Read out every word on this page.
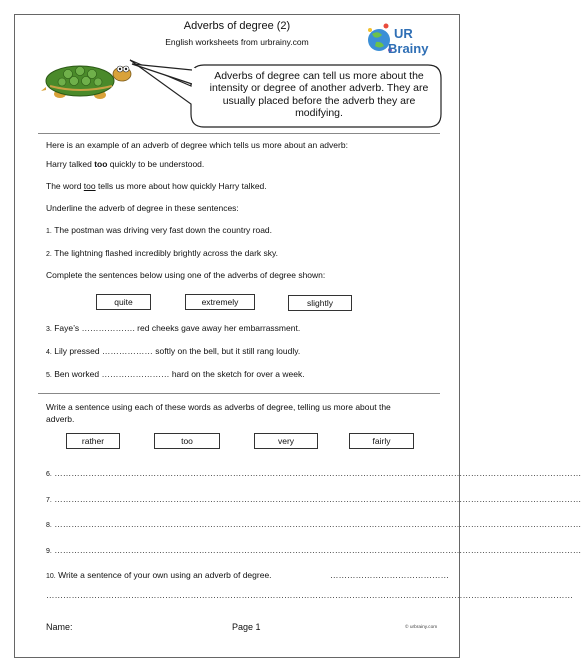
Adverbs of degree (2)
English worksheets from urbrainy.com
UR
Brainy
Adverbs of degree can tell us more about the intensity or degree of another adverb. They are usually placed before the adverb they are modifying.
Here is an example of an adverb of degree which tells us more about an adverb:
Harry talked too quickly to be understood.
The word too tells us more about how quickly Harry talked.
Underline the adverb of degree in these sentences:
1. The postman was driving very fast down the country road.
2. The lightning flashed incredibly brightly across the dark sky.
Complete the sentences below using one of the adverbs of degree shown:
quite	extremely	slightly
3. Faye’s ………………. red cheeks gave away her embarrassment.
4. Lily pressed ……………… softly on the bell, but it still rang loudly.
5. Ben worked …………………… hard on the sketch for over a week.
Write a sentence using each of these words as adverbs of degree, telling us more about the
adverb.
rather	too	very	fairly
6. ……………………………………………………………………………………………………………………………………………………………………
7. ……………………………………………………………………………………………………………………………………………………………………
8. ……………………………………………………………………………………………………………………………………………………………………
9. ……………………………………………………………………………………………………………………………………………………………………
10. Write a sentence of your own using an adverb of degree.	……………………………………
……………………………………………………………………………………………………………………………………………………………………
Name:	Page 1	© urbrainy.com
